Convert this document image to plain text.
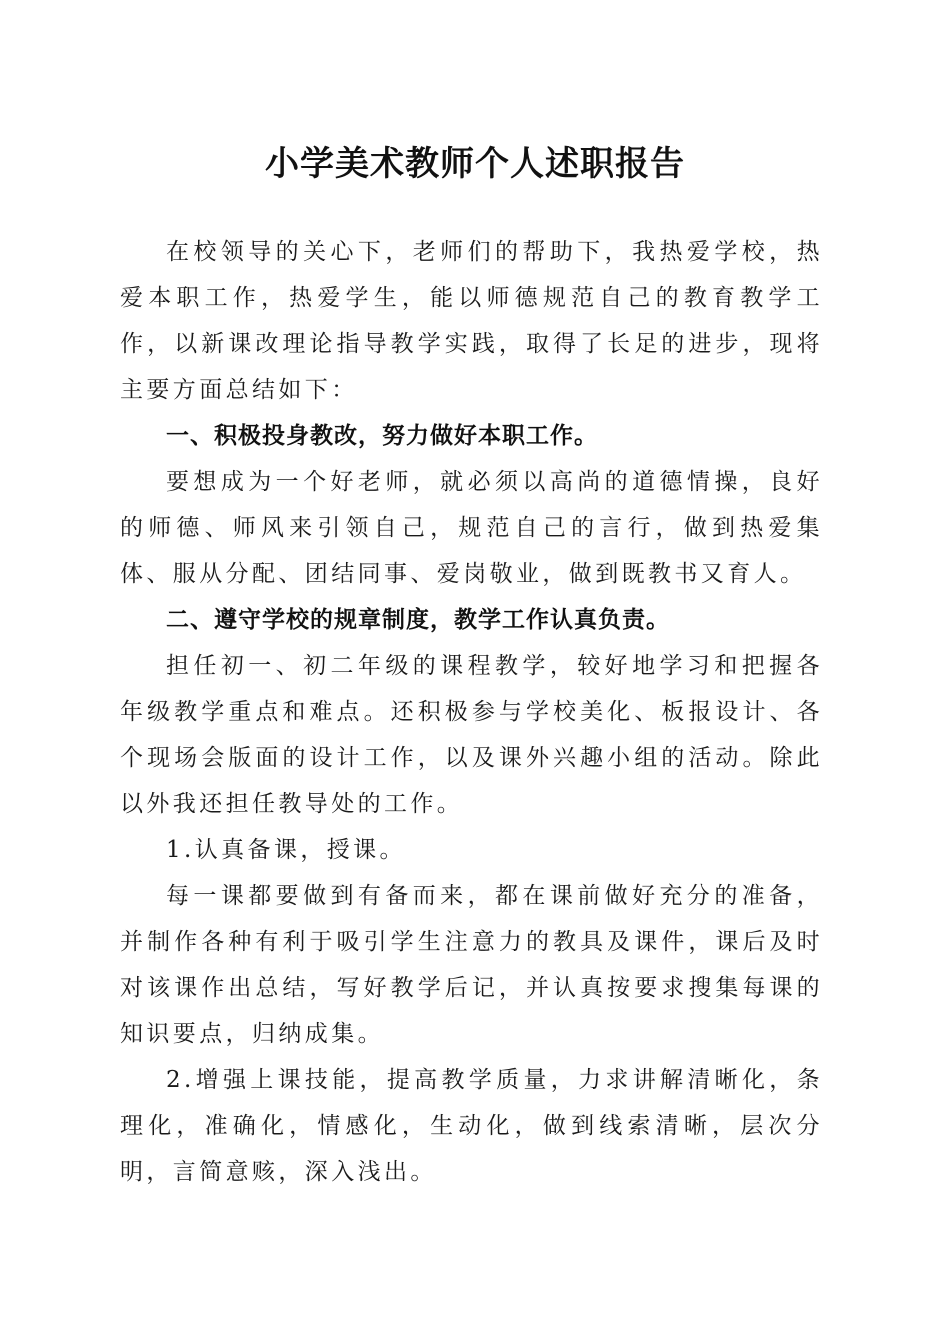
小学美术教师个人述职报告

在校领导的关心下，老师们的帮助下，我热爱学校，热爱本职工作，热爱学生，能以师德规范自己的教育教学工作，以新课改理论指导教学实践，取得了长足的进步，现将主要方面总结如下：

一、积极投身教改，努力做好本职工作。

要想成为一个好老师，就必须以高尚的道德情操，良好的师德、师风来引领自己，规范自己的言行，做到热爱集体、服从分配、团结同事、爱岗敬业，做到既教书又育人。

二、遵守学校的规章制度，教学工作认真负责。

担任初一、初二年级的课程教学，较好地学习和把握各年级教学重点和难点。还积极参与学校美化、板报设计、各个现场会版面的设计工作，以及课外兴趣小组的活动。除此以外我还担任教导处的工作。

1.认真备课，授课。

每一课都要做到有备而来，都在课前做好充分的准备，并制作各种有利于吸引学生注意力的教具及课件，课后及时对该课作出总结，写好教学后记，并认真按要求搜集每课的知识要点，归纳成集。

2.增强上课技能，提高教学质量，力求讲解清晰化，条理化，准确化，情感化，生动化，做到线索清晰，层次分明，言简意赅，深入浅出。
